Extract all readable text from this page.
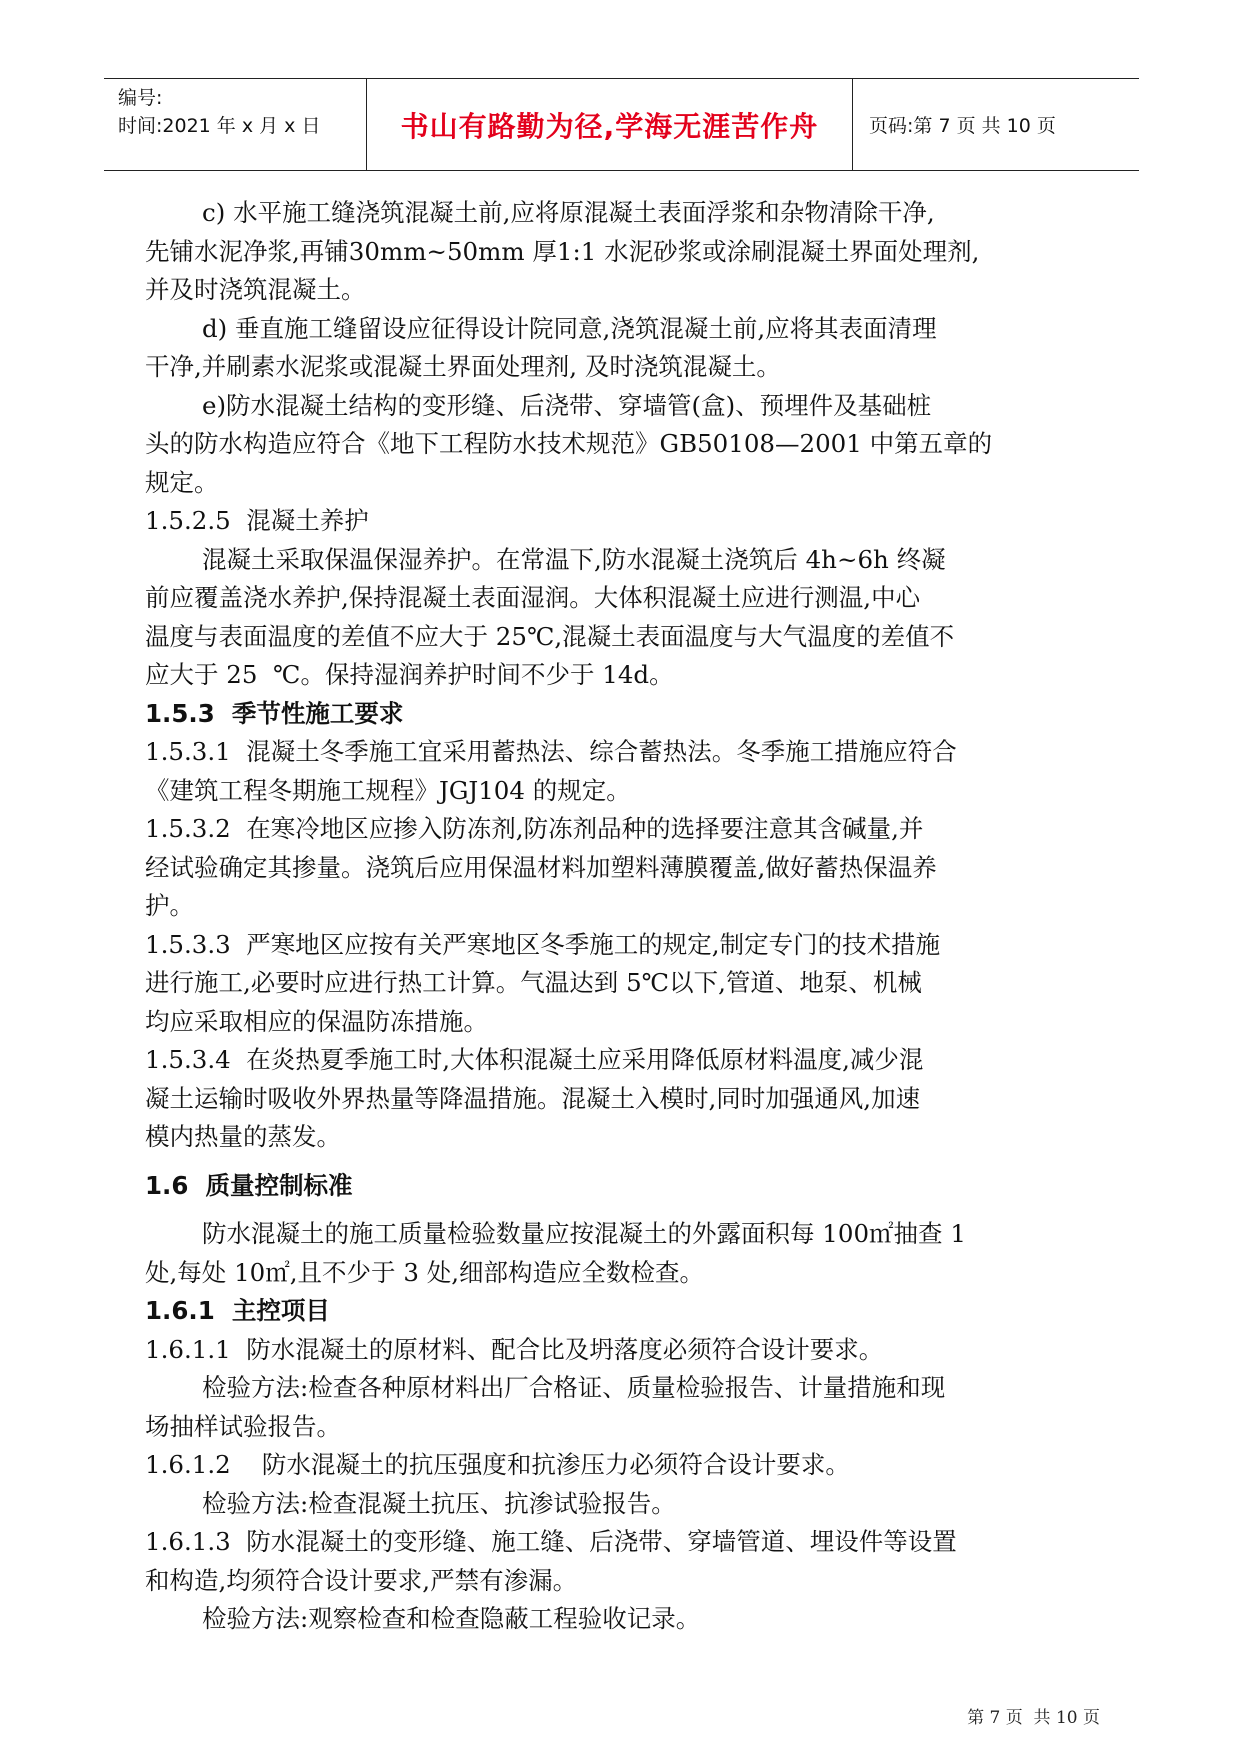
编号:
时间:2021 年 x 月 x 日	书山有路勤为径,学海无涯苦作舟	页码:第 7 页 共 10 页
c) 水平施工缝浇筑混凝土前,应将原混凝土表面浮浆和杂物清除干净,
先铺水泥净浆,再铺30mm~50mm 厚1:1 水泥砂浆或涂刷混凝土界面处理剂,
并及时浇筑混凝土。
d) 垂直施工缝留设应征得设计院同意,浇筑混凝土前,应将其表面清理
干净,并刷素水泥浆或混凝土界面处理剂, 及时浇筑混凝土。
e)防水混凝土结构的变形缝、后浇带、穿墙管(盒)、预埋件及基础桩
头的防水构造应符合《地下工程防水技术规范》GB50108—2001 中第五章的
规定。
1.5.2.5  混凝土养护
混凝土采取保温保湿养护。在常温下,防水混凝土浇筑后 4h~6h 终凝
前应覆盖浇水养护,保持混凝土表面湿润。大体积混凝土应进行测温,中心
温度与表面温度的差值不应大于 25℃,混凝土表面温度与大气温度的差值不
应大于 25  ℃。保持湿润养护时间不少于 14d。
1.5.3  季节性施工要求
1.5.3.1  混凝土冬季施工宜采用蓄热法、综合蓄热法。冬季施工措施应符合
《建筑工程冬期施工规程》JGJ104 的规定。
1.5.3.2  在寒冷地区应掺入防冻剂,防冻剂品种的选择要注意其含碱量,并
经试验确定其掺量。浇筑后应用保温材料加塑料薄膜覆盖,做好蓄热保温养
护。
1.5.3.3  严寒地区应按有关严寒地区冬季施工的规定,制定专门的技术措施
进行施工,必要时应进行热工计算。气温达到 5℃以下,管道、地泵、机械
均应采取相应的保温防冻措施。
1.5.3.4  在炎热夏季施工时,大体积混凝土应采用降低原材料温度,减少混
凝土运输时吸收外界热量等降温措施。混凝土入模时,同时加强通风,加速
模内热量的蒸发。
1.6  质量控制标准
防水混凝土的施工质量检验数量应按混凝土的外露面积每 100㎡抽查 1
处,每处 10㎡,且不少于 3 处,细部构造应全数检查。
1.6.1  主控项目
1.6.1.1  防水混凝土的原材料、配合比及坍落度必须符合设计要求。
检验方法:检查各种原材料出厂合格证、质量检验报告、计量措施和现
场抽样试验报告。
1.6.1.2    防水混凝土的抗压强度和抗渗压力必须符合设计要求。
检验方法:检查混凝土抗压、抗渗试验报告。
1.6.1.3  防水混凝土的变形缝、施工缝、后浇带、穿墙管道、埋设件等设置
和构造,均须符合设计要求,严禁有渗漏。
检验方法:观察检查和检查隐蔽工程验收记录。
第 7 页  共 10 页
